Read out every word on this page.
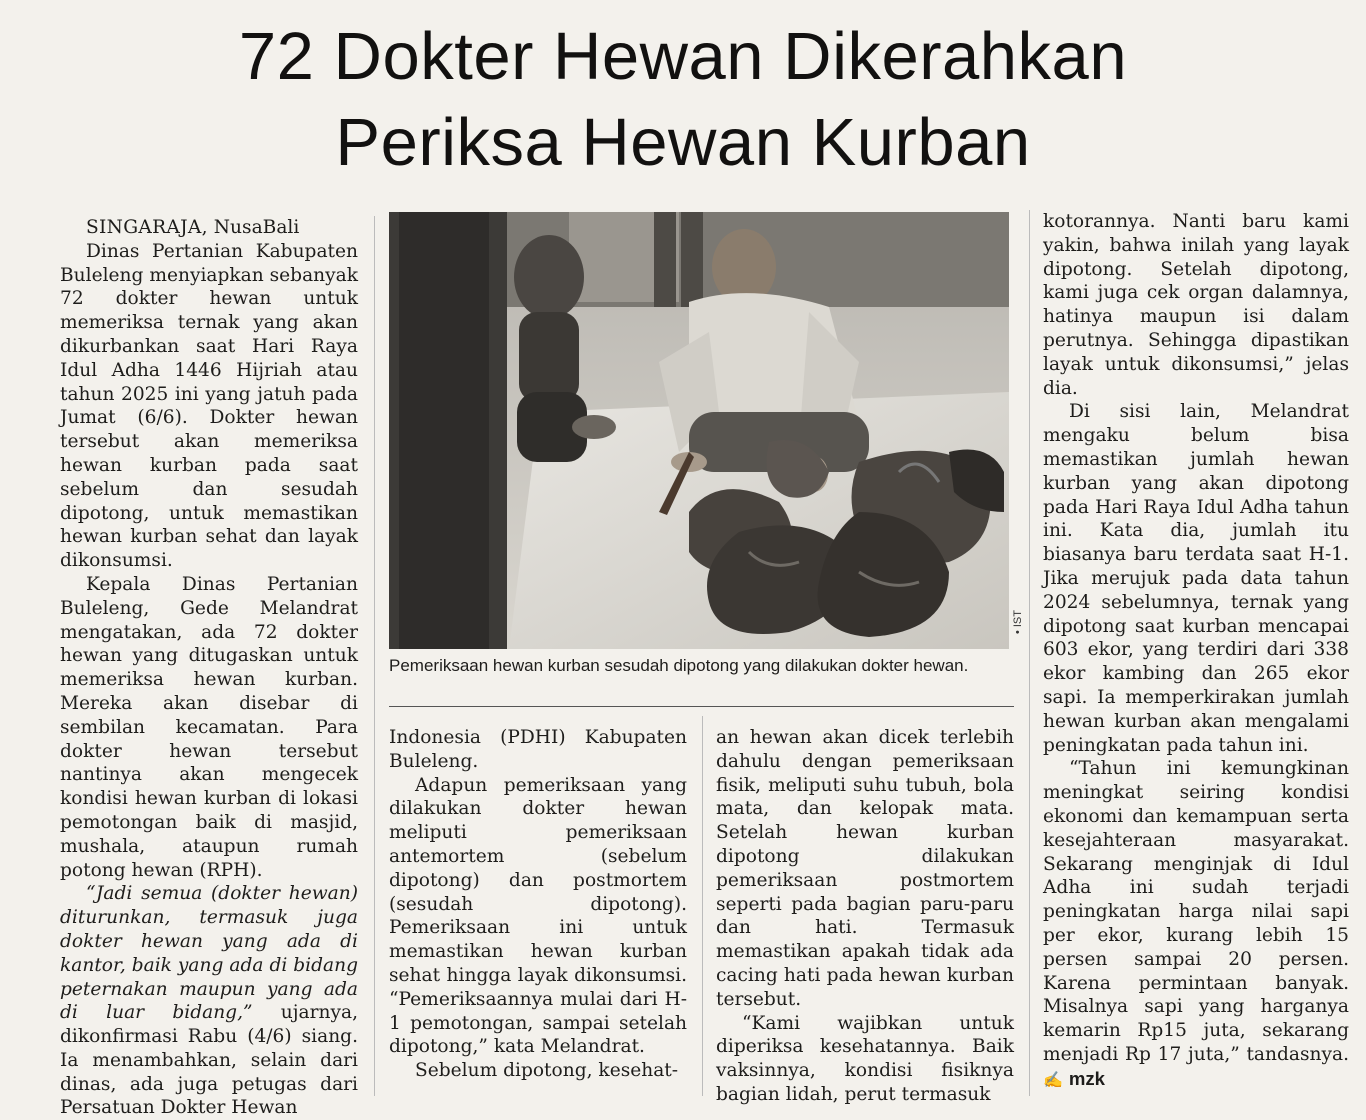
72 Dokter Hewan Dikerahkan
Periksa Hewan Kurban

SINGARAJA, NusaBali

Dinas Pertanian Kabupaten Buleleng menyiapkan sebanyak 72 dokter hewan untuk memeriksa ternak yang akan dikurbankan saat Hari Raya Idul Adha 1446 Hijriah atau tahun 2025 ini yang jatuh pada Jumat (6/6). Dokter hewan tersebut akan memeriksa hewan kurban pada saat sebelum dan sesudah dipotong, untuk memastikan hewan kurban sehat dan layak dikonsumsi.

Kepala Dinas Pertanian Buleleng, Gede Melandrat mengatakan, ada 72 dokter hewan yang ditugaskan untuk memeriksa hewan kurban. Mereka akan disebar di sembilan kecamatan. Para dokter hewan tersebut nantinya akan mengecek kondisi hewan kurban di lokasi pemotongan baik di masjid, mushala, ataupun rumah potong hewan (RPH).

“Jadi semua (dokter hewan) diturunkan, termasuk juga dokter hewan yang ada di kantor, baik yang ada di bidang peternakan maupun yang ada di luar bidang,” ujarnya, dikonfirmasi Rabu (4/6) siang. Ia menambahkan, selain dari dinas, ada juga petugas dari Persatuan Dokter Hewan

• IST
Pemeriksaan hewan kurban sesudah dipotong yang dilakukan dokter hewan.

Indonesia (PDHI) Kabupaten Buleleng.

Adapun pemeriksaan yang dilakukan dokter hewan meliputi pemeriksaan antemortem (sebelum dipotong) dan postmortem (sesudah dipotong). Pemeriksaan ini untuk memastikan hewan kurban sehat hingga layak dikonsumsi. “Pemeriksaannya mulai dari H-1 pemotongan, sampai setelah dipotong,” kata Melandrat.

Sebelum dipotong, kesehat-

an hewan akan dicek terlebih dahulu dengan pemeriksaan fisik, meliputi suhu tubuh, bola mata, dan kelopak mata. Setelah hewan kurban dipotong dilakukan pemeriksaan postmortem seperti pada bagian paru-paru dan hati. Termasuk memastikan apakah tidak ada cacing hati pada hewan kurban tersebut.

“Kami wajibkan untuk diperiksa kesehatannya. Baik vaksinnya, kondisi fisiknya bagian lidah, perut termasuk

kotorannya. Nanti baru kami yakin, bahwa inilah yang layak dipotong. Setelah dipotong, kami juga cek organ dalamnya, hatinya maupun isi dalam perutnya. Sehingga dipastikan layak untuk dikonsumsi,” jelas dia.

Di sisi lain, Melandrat mengaku belum bisa memastikan jumlah hewan kurban yang akan dipotong pada Hari Raya Idul Adha tahun ini. Kata dia, jumlah itu biasanya baru terdata saat H-1. Jika merujuk pada data tahun 2024 sebelumnya, ternak yang dipotong saat kurban mencapai 603 ekor, yang terdiri dari 338 ekor kambing dan 265 ekor sapi. Ia memperkirakan jumlah hewan kurban akan mengalami peningkatan pada tahun ini.

“Tahun ini kemungkinan meningkat seiring kondisi ekonomi dan kemampuan serta kesejahteraan masyarakat. Sekarang menginjak di Idul Adha ini sudah terjadi peningkatan harga nilai sapi per ekor, kurang lebih 15 persen sampai 20 persen. Karena permintaan banyak. Misalnya sapi yang harganya kemarin Rp15 juta, sekarang menjadi Rp 17 juta,” tandasnya. ✍ mzk
